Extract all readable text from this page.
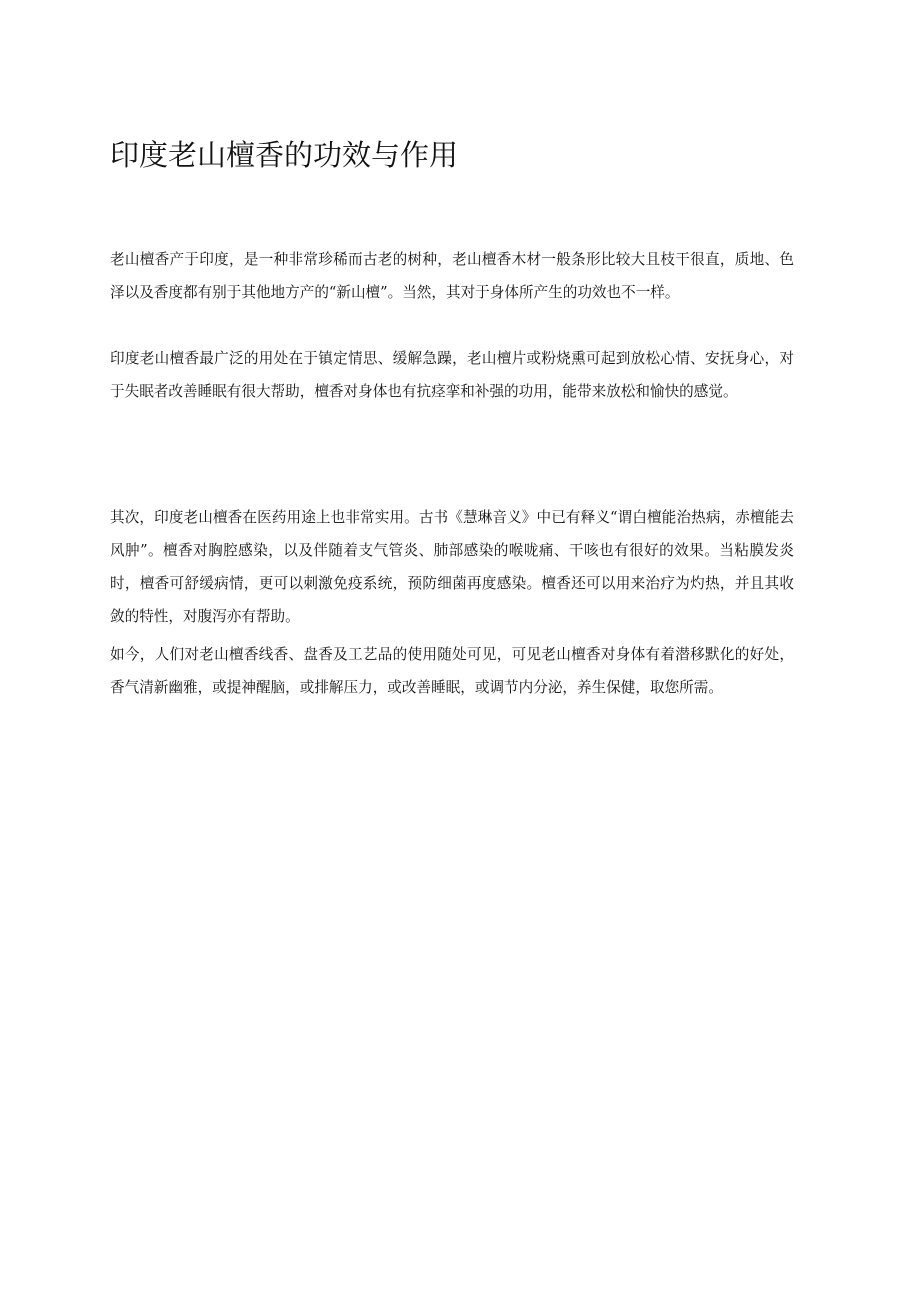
印度老山檀香的功效与作用

老山檀香产于印度，是一种非常珍稀而古老的树种，老山檀香木材一般条形比较大且枝干很直，质地、色泽以及香度都有别于其他地方产的“新山檀”。当然，其对于身体所产生的功效也不一样。

印度老山檀香最广泛的用处在于镇定情思、缓解急躁，老山檀片或粉烧熏可起到放松心情、安抚身心，对于失眠者改善睡眠有很大帮助，檀香对身体也有抗痉挛和补强的功用，能带来放松和愉快的感觉。

其次，印度老山檀香在医药用途上也非常实用。古书《慧琳音义》中已有释义“谓白檀能治热病，赤檀能去风肿”。檀香对胸腔感染，以及伴随着支气管炎、肺部感染的喉咙痛、干咳也有很好的效果。当粘膜发炎时，檀香可舒缓病情，更可以刺激免疫系统，预防细菌再度感染。檀香还可以用来治疗为灼热，并且其收敛的特性，对腹泻亦有帮助。

如今，人们对老山檀香线香、盘香及工艺品的使用随处可见，可见老山檀香对身体有着潜移默化的好处，香气清新幽雅，或提神醒脑，或排解压力，或改善睡眠，或调节内分泌，养生保健，取您所需。
